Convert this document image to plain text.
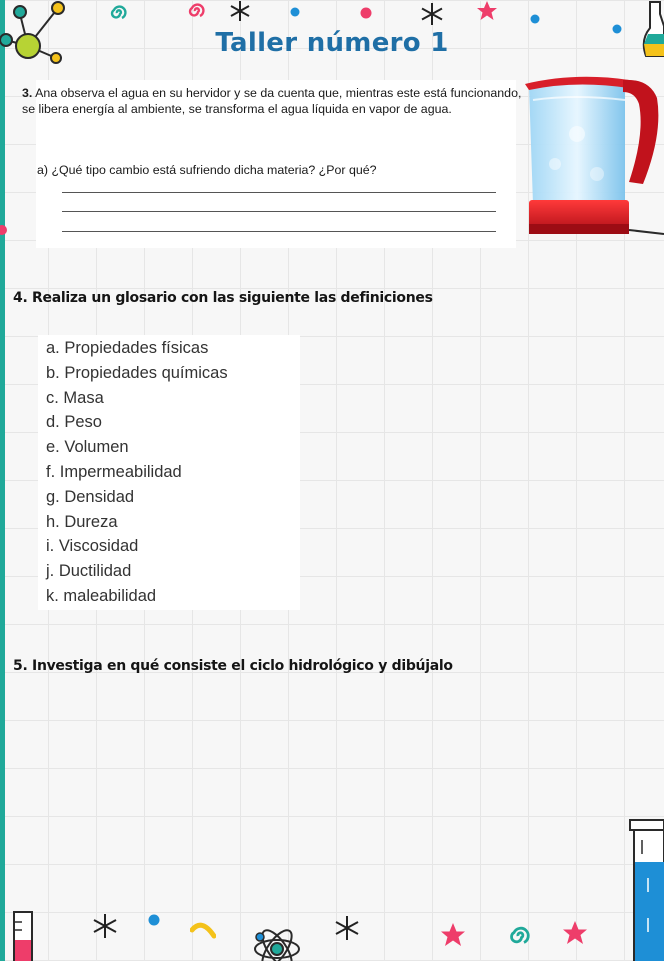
Taller número 1
3. Ana observa el agua en su hervidor y se da cuenta que, mientras este está funcionando, se libera energía al ambiente, se transforma el agua líquida en vapor de agua.
a) ¿Qué tipo cambio está sufriendo dicha materia? ¿Por qué?
4. Realiza un glosario con las siguiente las definiciones
a. Propiedades físicas
b. Propiedades químicas
c. Masa
d. Peso
e. Volumen
f. Impermeabilidad
g. Densidad
h. Dureza
i. Viscosidad
j. Ductilidad
k. maleabilidad
5. Investiga en qué consiste el ciclo hidrológico y dibújalo
